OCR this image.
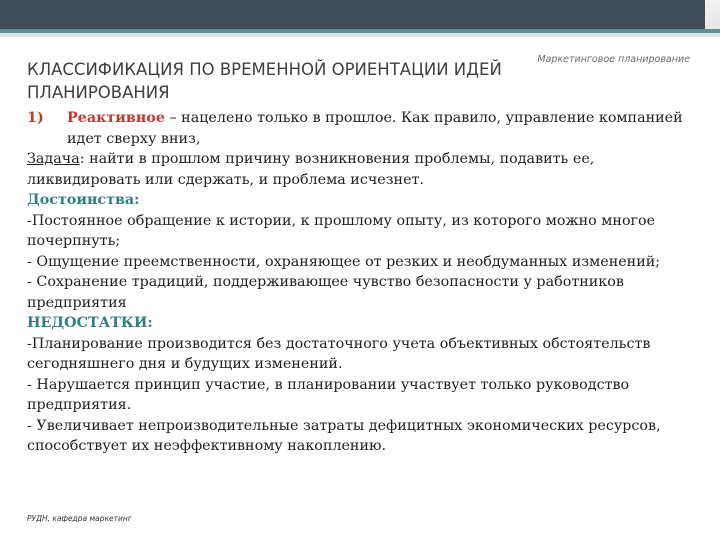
Маркетинговое планирование
КЛАССИФИКАЦИЯ ПО ВРЕМЕННОЙ ОРИЕНТАЦИИ ИДЕЙ ПЛАНИРОВАНИЯ
1)	Реактивное – нацелено только в прошлое. Как правило, управление компанией идет сверху вниз,
Задача: найти в прошлом причину возникновения проблемы, подавить ее, ликвидировать или сдержать, и проблема исчезнет.
Достоинства:
-Постоянное обращение к истории, к прошлому опыту, из которого можно многое почерпнуть;
- Ощущение преемственности, охраняющее от резких и необдуманных изменений;
- Сохранение традиций, поддерживающее чувство безопасности у работников предприятия
НЕДОСТАТКИ:
-Планирование производится без достаточного учета объективных обстоятельств сегодняшнего дня и будущих изменений.
- Нарушается принцип участие, в планировании участвует только руководство предприятия.
- Увеличивает непроизводительные затраты дефицитных экономических ресурсов, способствует их неэффективному накоплению.
РУДН, кафедра маркетинг
